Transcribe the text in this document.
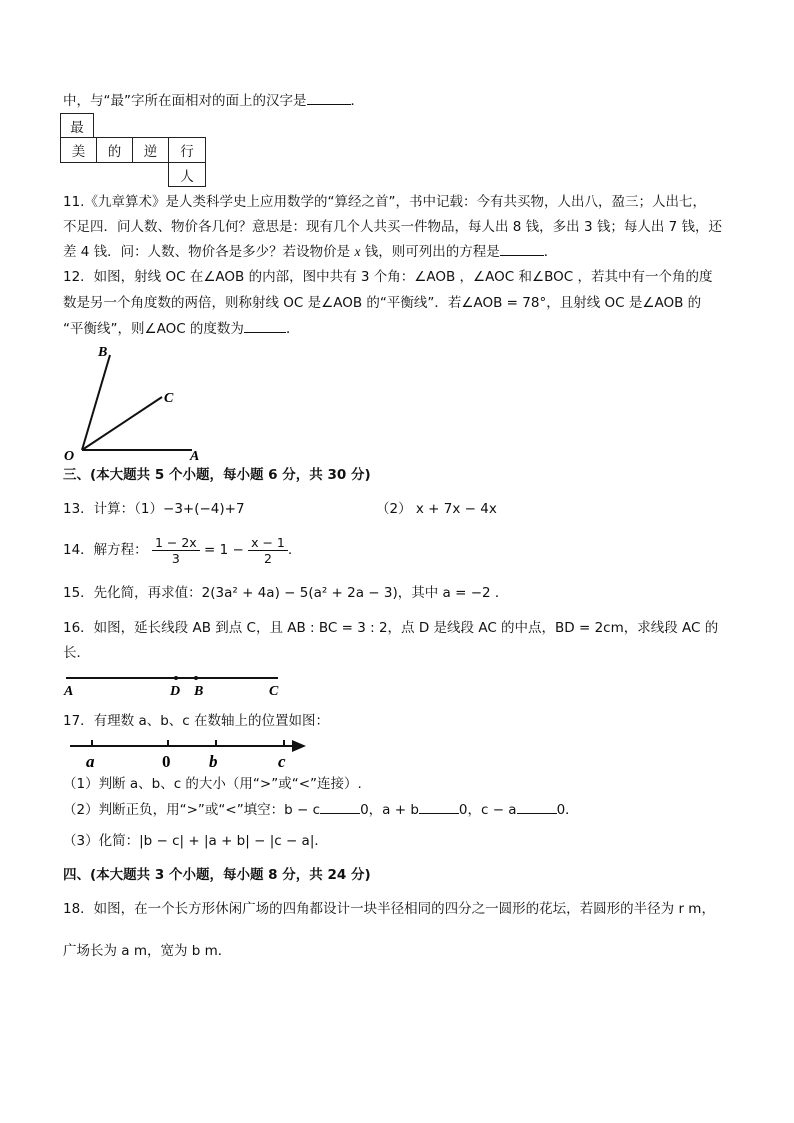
中，与“最”字所在面相对的面上的汉字是	．
最
美	的	逆	行
人
11.《九章算术》是人类科学史上应用数学的“算经之首”，书中记载：今有共买物，人出八，盈三；人出七，
不足四．问人数、物价各几何？意思是：现有几个人共买一件物品，每人出 8 钱，多出 3 钱；每人出 7 钱，还
差 4 钱．问：人数、物价各是多少？若设物价是 x 钱，则可列出的方程是	．
12．如图，射线 OC 在∠AOB 的内部，图中共有 3 个角：∠AOB ，∠AOC 和∠BOC ，若其中有一个角的度
数是另一个角度数的两倍，则称射线 OC 是∠AOB 的“平衡线”．若∠AOB = 78°，且射线 OC 是∠AOB 的
“平衡线”，则∠AOC 的度数为	．
B
C
O	A
三、(本大题共 5 个小题，每小题 6 分，共 30 分)
13．计算：（1）−3+(−4)+7	（2） x + 7x − 4x
14．解方程： $\frac{1 - 2x}{3} = 1 - \frac{x - 1}{2}$ .
15．先化简，再求值：2(3a² + 4a) − 5(a² + 2a − 3)，其中 a = −2 ．
16．如图，延长线段 AB 到点 C，且 AB : BC = 3 : 2，点 D 是线段 AC 的中点，BD = 2cm，求线段 AC 的
长．
A	D B	C
17．有理数 a、b、c 在数轴上的位置如图：
a	0 b	c
（1）判断 a、b、c 的大小（用“>”或“<”连接）.
（2）判断正负，用“>”或“<”填空：b − c	0，a + b	0，c − a	0．
（3）化简：|b − c| + |a + b| − |c − a|．
四、(本大题共 3 个小题，每小题 8 分，共 24 分)
18．如图，在一个长方形休闲广场的四角都设计一块半径相同的四分之一圆形的花坛，若圆形的半径为 r m，
广场长为 a m，宽为 b m．
